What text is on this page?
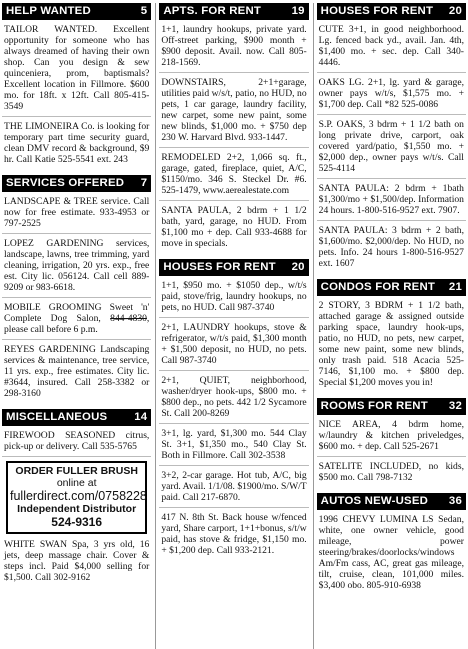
HELP WANTED	5
TAILOR WANTED. Excellent opportunity for someone who has always dreamed of having their own shop. Can you design & sew quinceniera, prom, baptismals? Excellent location in Fillmore. $600 mo. for 18ft. x 12ft. Call 805-415-3549
THE LIMONEIRA Co. is looking for temporary part time security guard, clean DMV record & background, $9 hr. Call Katie 525-5541 ext. 243
SERVICES OFFERED 7
LANDSCAPE & TREE service. Call now for free estimate. 933-4953 or 797-2525
LOPEZ GARDENING services, landscape, lawns, tree trimming, yard cleaning, irrigation, 20 yrs. exp., free est. City lic. 056124. Call cell 889-9209 or 983-6618.
MOBILE GROOMING Sweet 'n' Complete Dog Salon, 844-4830, please call before 6 p.m.
REYES GARDENING Landscaping services & maintenance, tree service, 11 yrs. exp., free estimates. City lic. #3644, insured. Call 258-3382 or 298-3160
MISCELLANEOUS 14
FIREWOOD SEASONED citrus, pick-up or delivery. Call 535-5765
ORDER FULLER BRUSH
online at
fullerdirect.com/0758228
Independent Distributor
524-9316
WHITE SWAN Spa, 3 yrs old, 16 jets, deep massage chair. Cover & steps incl. Paid $4,000 selling for $1,500. Call 302-9162
APTS. FOR RENT	19
1+1, laundry hookups, private yard. Off-street parking, $900 month + $900 deposit. Avail. now. Call 805-218-1569.
DOWNSTAIRS, 2+1+garage, utilities paid w/s/t, patio, no HUD, no pets, 1 car garage, laundry facility, new carpet, some new paint, some new blinds, $1,000 mo. + $750 dep 230 W. Harvard Blvd. 933-1447.
REMODELED 2+2, 1,066 sq. ft., garage, gated, fireplace, quiet, A/C, $1150/mo. 346 S. Steckel Dr. #6. 525-1479, www.aerealestate.com
SANTA PAULA, 2 bdrm + 1 1/2 bath, yard, garage, no HUD. From $1,100 mo + dep. Call 933-4688 for move in specials.
HOUSES FOR RENT 20
1+1, $950 mo. + $1050 dep., w/t/s paid, stove/frig, laundry hookups, no pets, no HUD. Call 987-3740
2+1, LAUNDRY hookups, stove & refrigerator, w/t/s paid, $1,300 month + $1,500 deposit, no HUD, no pets. Call 987-3740
2+1, QUIET, neighborhood, washer/dryer hook-ups, $800 mo. + $800 dep., no pets. 442 1/2 Sycamore St. Call 200-8269
3+1, lg. yard, $1,300 mo. 544 Clay St. 3+1, $1,350 mo., 540 Clay St. Both in Fillmore. Call 302-3538
3+2, 2-car garage. Hot tub, A/C, big yard. Avail. 1/1/08. $1900/mo. S/W/T paid. Call 217-6870.
417 N. 8th St. Back house w/fenced yard, Share carport, 1+1+bonus, s/t/w paid, has stove & fridge, $1,150 mo. + $1,200 dep. Call 933-2121.
HOUSES FOR RENT 20
CUTE 3+1, in good neighborhood. Lg. fenced back yd., avail. Jan. 4th, $1,400 mo. + sec. dep. Call 340-4446.
OAKS LG. 2+1, lg. yard & garage, owner pays w/t/s, $1,575 mo. + $1,700 dep. Call *82 525-0086
S.P. OAKS, 3 bdrm + 1 1/2 bath on long private drive, carport, oak covered yard/patio, $1,550 mo. + $2,000 dep., owner pays w/t/s. Call 525-4114
SANTA PAULA: 2 bdrm + 1bath $1,300/mo + $1,500/dep. Information 24 hours. 1-800-516-9527 ext. 7907.
SANTA PAULA: 3 bdrm + 2 bath, $1,600/mo. $2,000/dep. No HUD, no pets. Info. 24 hours 1-800-516-9527 ext. 1607
CONDOS FOR RENT 21
2 STORY, 3 BDRM + 1 1/2 bath, attached garage & assigned outside parking space, laundry hook-ups, patio, no HUD, no pets, new carpet, some new paint, some new blinds, only trash paid. 518 Acacia 525-7146, $1,100 mo. + $800 dep. Special $1,200 moves you in!
ROOMS FOR RENT 32
NICE AREA, 4 bdrm home, w/laundry & kitchen priveledges, $600 mo. + dep. Call 525-2671
SATELITE INCLUDED, no kids, $500 mo. Call 798-7132
AUTOS NEW-USED 36
1996 CHEVY LUMINA LS Sedan, white, one owner vehicle, good mileage, power steering/brakes/doorlocks/windows Am/Fm cass, AC, great gas mileage, tilt, cruise, clean, 101,000 miles. $3,400 obo. 805-910-6938
